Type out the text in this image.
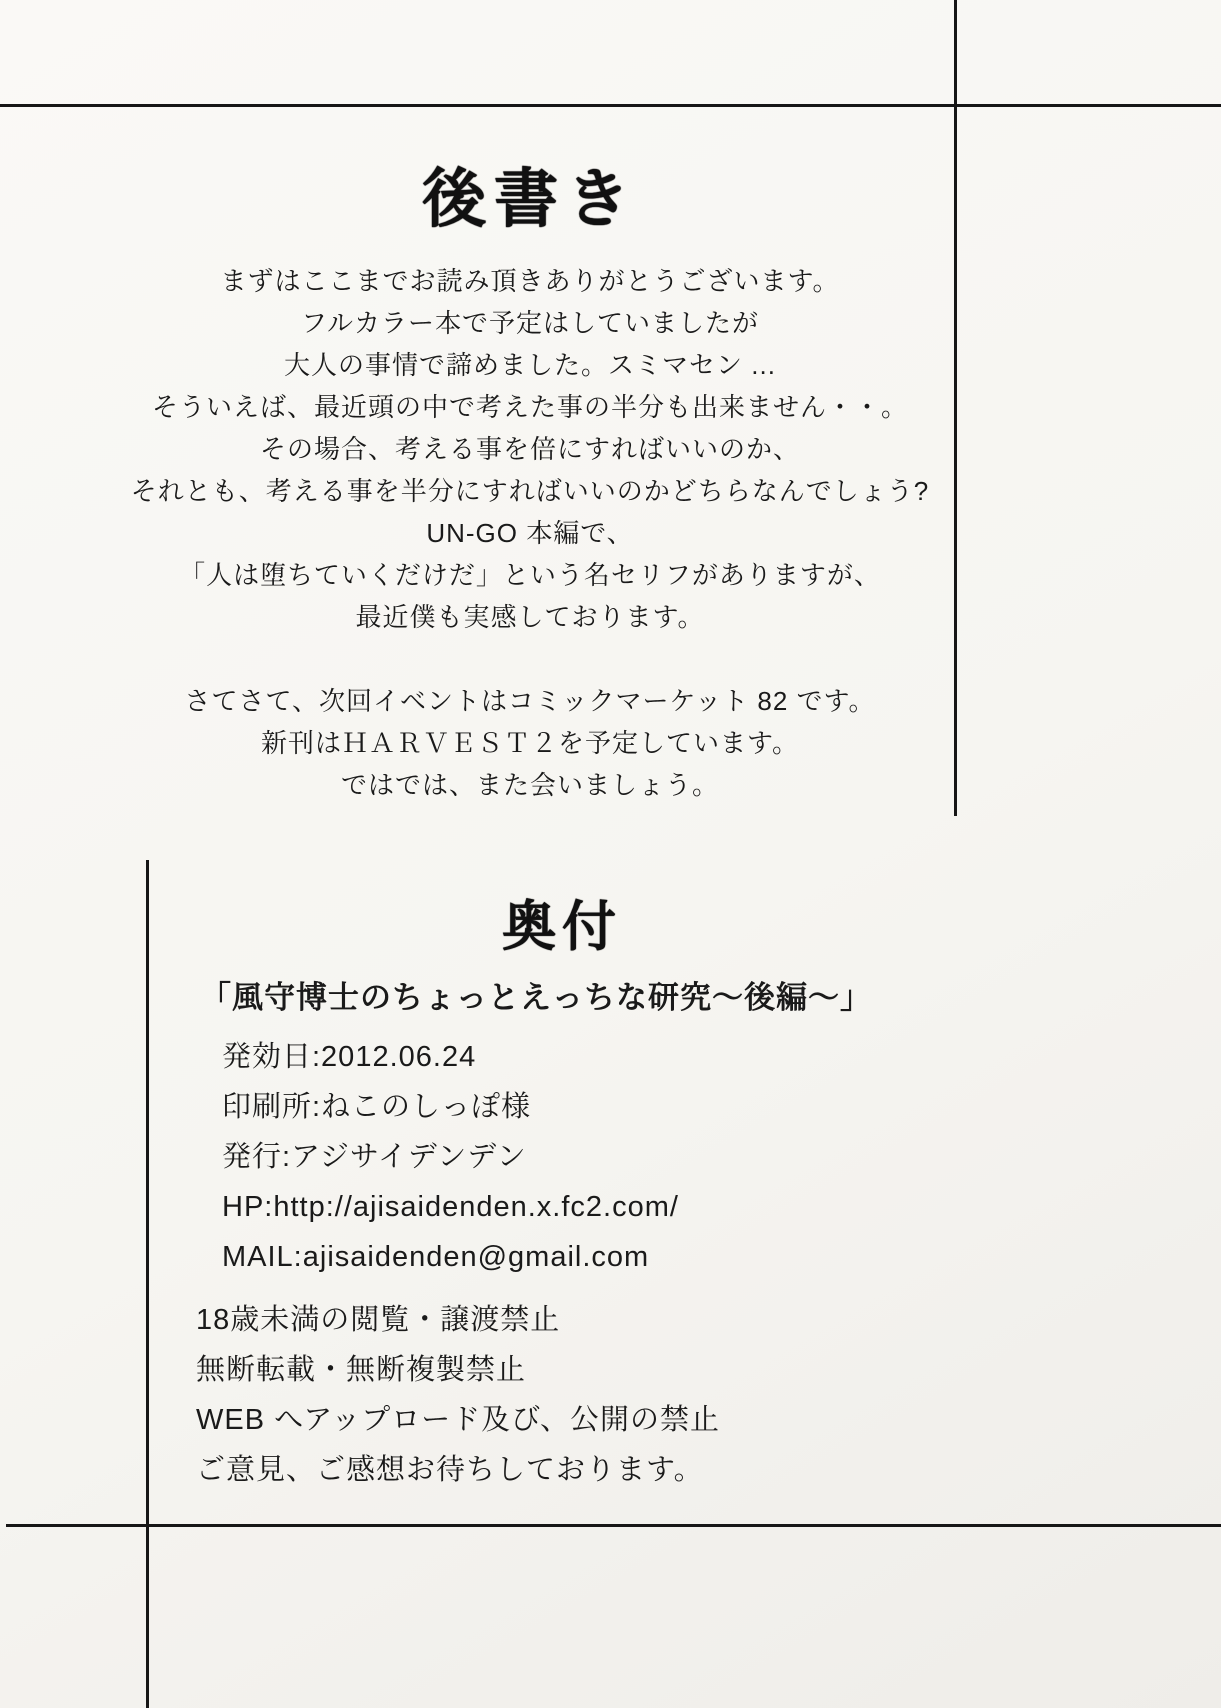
後書き

まずはここまでお読み頂きありがとうございます。

フルカラー本で予定はしていましたが

大人の事情で諦めました。スミマセン ...

そういえば、最近頭の中で考えた事の半分も出来ません・・。

その場合、考える事を倍にすればいいのか、

それとも、考える事を半分にすればいいのかどちらなんでしょう?

UN-GO 本編で、

「人は堕ちていくだけだ」という名セリフがありますが、

最近僕も実感しております。

さてさて、次回イベントはコミックマーケット 82 です。

新刊はＨＡＲＶＥＳＴ２を予定しています。

ではでは、また会いましょう。

奥付

「風守博士のちょっとえっちな研究〜後編〜」

発効日:2012.06.24

印刷所:ねこのしっぽ様

発行:アジサイデンデン

HP:http://ajisaidenden.x.fc2.com/

MAIL:ajisaidenden@gmail.com

18歳未満の閲覧・譲渡禁止

無断転載・無断複製禁止

WEB へアップロード及び、公開の禁止

ご意見、ご感想お待ちしております。
